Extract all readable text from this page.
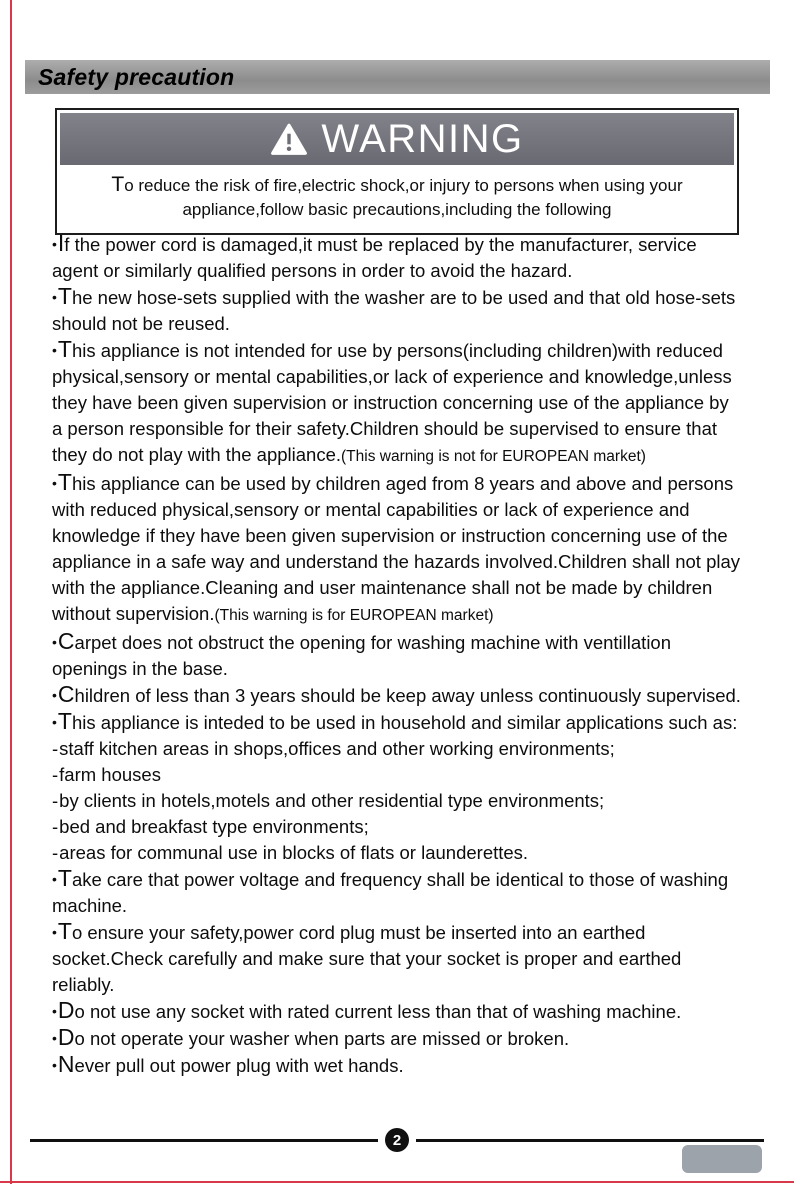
Safety precaution
WARNING
To reduce the risk of fire,electric shock,or injury to persons when using your
appliance,follow basic precautions,including the following

•If the power cord is damaged,it must be replaced by the manufacturer, service agent or similarly qualified persons in order to avoid the hazard.

•The new hose-sets supplied with the washer are to be used and that old hose-sets should not be reused.

•This appliance is not intended for use by persons(including children)with reduced physical,sensory or mental capabilities,or lack of experience and knowledge,unless they have been given supervision or instruction concerning use of the appliance by a person responsible for their safety.Children should be supervised to ensure that they do not play with the appliance.(This warning is not for EUROPEAN market)

•This appliance can be used by children aged from 8 years and above and persons with reduced physical,sensory or mental capabilities or lack of experience and knowledge if they have been given supervision or instruction concerning use of the appliance in a safe way and understand the hazards involved.Children shall not play with the appliance.Cleaning and user maintenance shall not be made by children without supervision.(This warning is for EUROPEAN market)

•Carpet does not obstruct the opening for washing machine with ventillation openings in the base.

•Children of less than 3 years should be keep away unless continuously supervised.

•This appliance is inteded to be used in household and similar applications such as:

-staff kitchen areas in shops,offices and other working environments;

-farm houses

-by clients in hotels,motels and other residential type environments;

-bed and breakfast type environments;

-areas for communal use in blocks of flats or launderettes.

•Take care that power voltage and frequency shall be identical to those of washing machine.

•To ensure your safety,power cord plug must be inserted into an earthed socket.Check carefully and make sure that your socket is proper and earthed reliably.

•Do not use any socket with rated current less than that of washing machine.

•Do not operate your washer when parts are missed or broken.

•Never pull out power plug with wet hands.

2
